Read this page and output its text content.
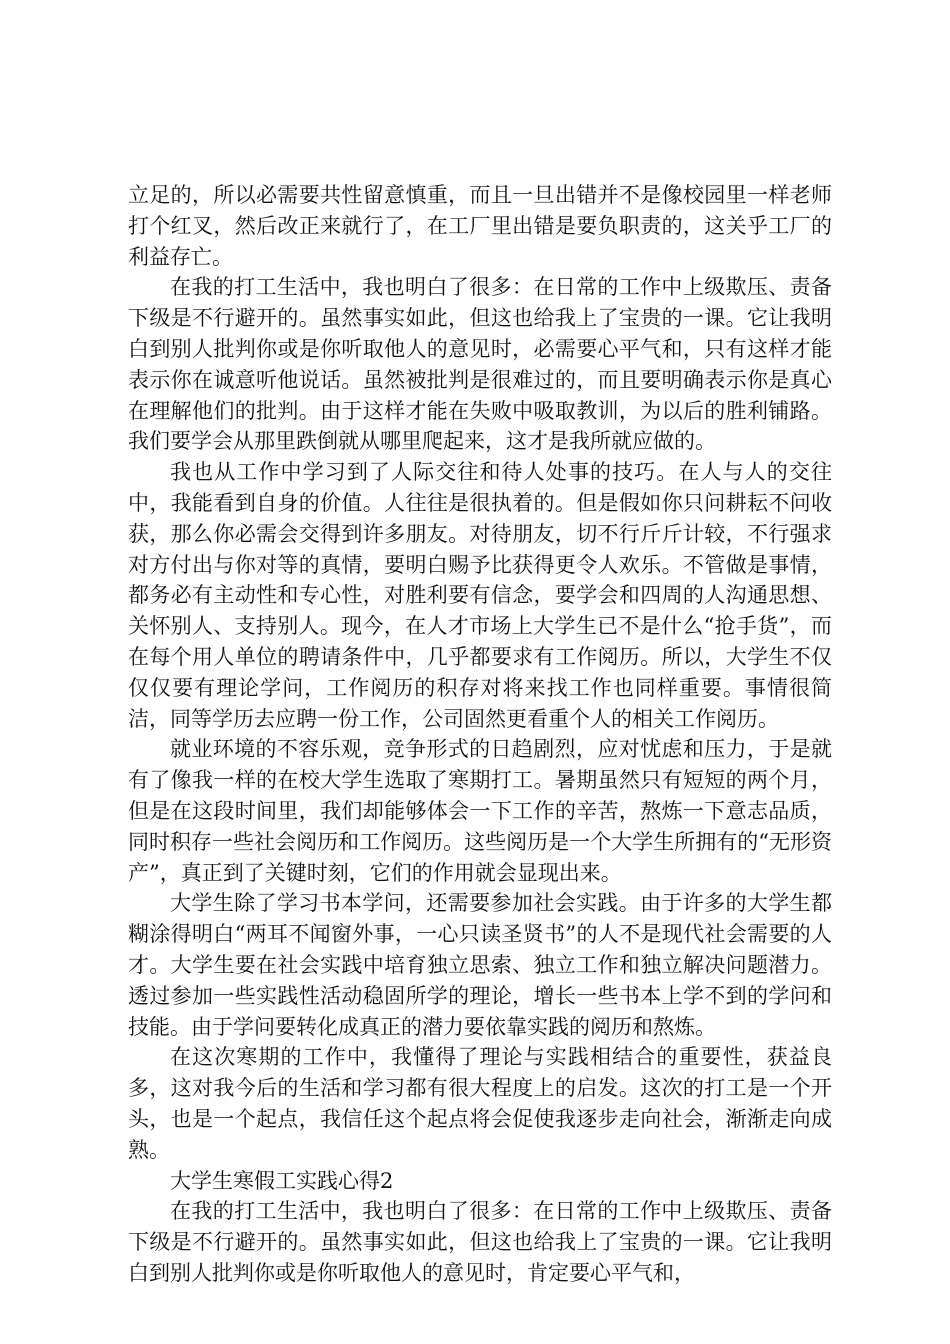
立足的，所以必需要共性留意慎重，而且一旦出错并不是像校园里一样老师打个红叉，然后改正来就行了，在工厂里出错是要负职责的，这关乎工厂的利益存亡。

在我的打工生活中，我也明白了很多：在日常的工作中上级欺压、责备下级是不行避开的。虽然事实如此，但这也给我上了宝贵的一课。它让我明白到别人批判你或是你听取他人的意见时，必需要心平气和，只有这样才能表示你在诚意听他说话。虽然被批判是很难过的，而且要明确表示你是真心在理解他们的批判。由于这样才能在失败中吸取教训，为以后的胜利铺路。我们要学会从那里跌倒就从哪里爬起来，这才是我所就应做的。

我也从工作中学习到了人际交往和待人处事的技巧。在人与人的交往中，我能看到自身的价值。人往往是很执着的。但是假如你只问耕耘不问收获，那么你必需会交得到许多朋友。对待朋友，切不行斤斤计较，不行强求对方付出与你对等的真情，要明白赐予比获得更令人欢乐。不管做是事情，都务必有主动性和专心性，对胜利要有信念，要学会和四周的人沟通思想、关怀别人、支持别人。现今，在人才市场上大学生已不是什么“抢手货”，而在每个用人单位的聘请条件中，几乎都要求有工作阅历。所以，大学生不仅仅仅要有理论学问，工作阅历的积存对将来找工作也同样重要。事情很简洁，同等学历去应聘一份工作，公司固然更看重个人的相关工作阅历。

就业环境的不容乐观，竞争形式的日趋剧烈，应对忧虑和压力，于是就有了像我一样的在校大学生选取了寒期打工。暑期虽然只有短短的两个月，但是在这段时间里，我们却能够体会一下工作的辛苦，熬炼一下意志品质，同时积存一些社会阅历和工作阅历。这些阅历是一个大学生所拥有的“无形资产”，真正到了关键时刻，它们的作用就会显现出来。

大学生除了学习书本学问，还需要参加社会实践。由于许多的大学生都糊涂得明白“两耳不闻窗外事，一心只读圣贤书”的人不是现代社会需要的人才。大学生要在社会实践中培育独立思索、独立工作和独立解决问题潜力。透过参加一些实践性活动稳固所学的理论，增长一些书本上学不到的学问和技能。由于学问要转化成真正的潜力要依靠实践的阅历和熬炼。

在这次寒期的工作中，我懂得了理论与实践相结合的重要性，获益良多，这对我今后的生活和学习都有很大程度上的启发。这次的打工是一个开头，也是一个起点，我信任这个起点将会促使我逐步走向社会，渐渐走向成熟。

大学生寒假工实践心得2

在我的打工生活中，我也明白了很多：在日常的工作中上级欺压、责备下级是不行避开的。虽然事实如此，但这也给我上了宝贵的一课。它让我明白到别人批判你或是你听取他人的意见时，肯定要心平气和，
